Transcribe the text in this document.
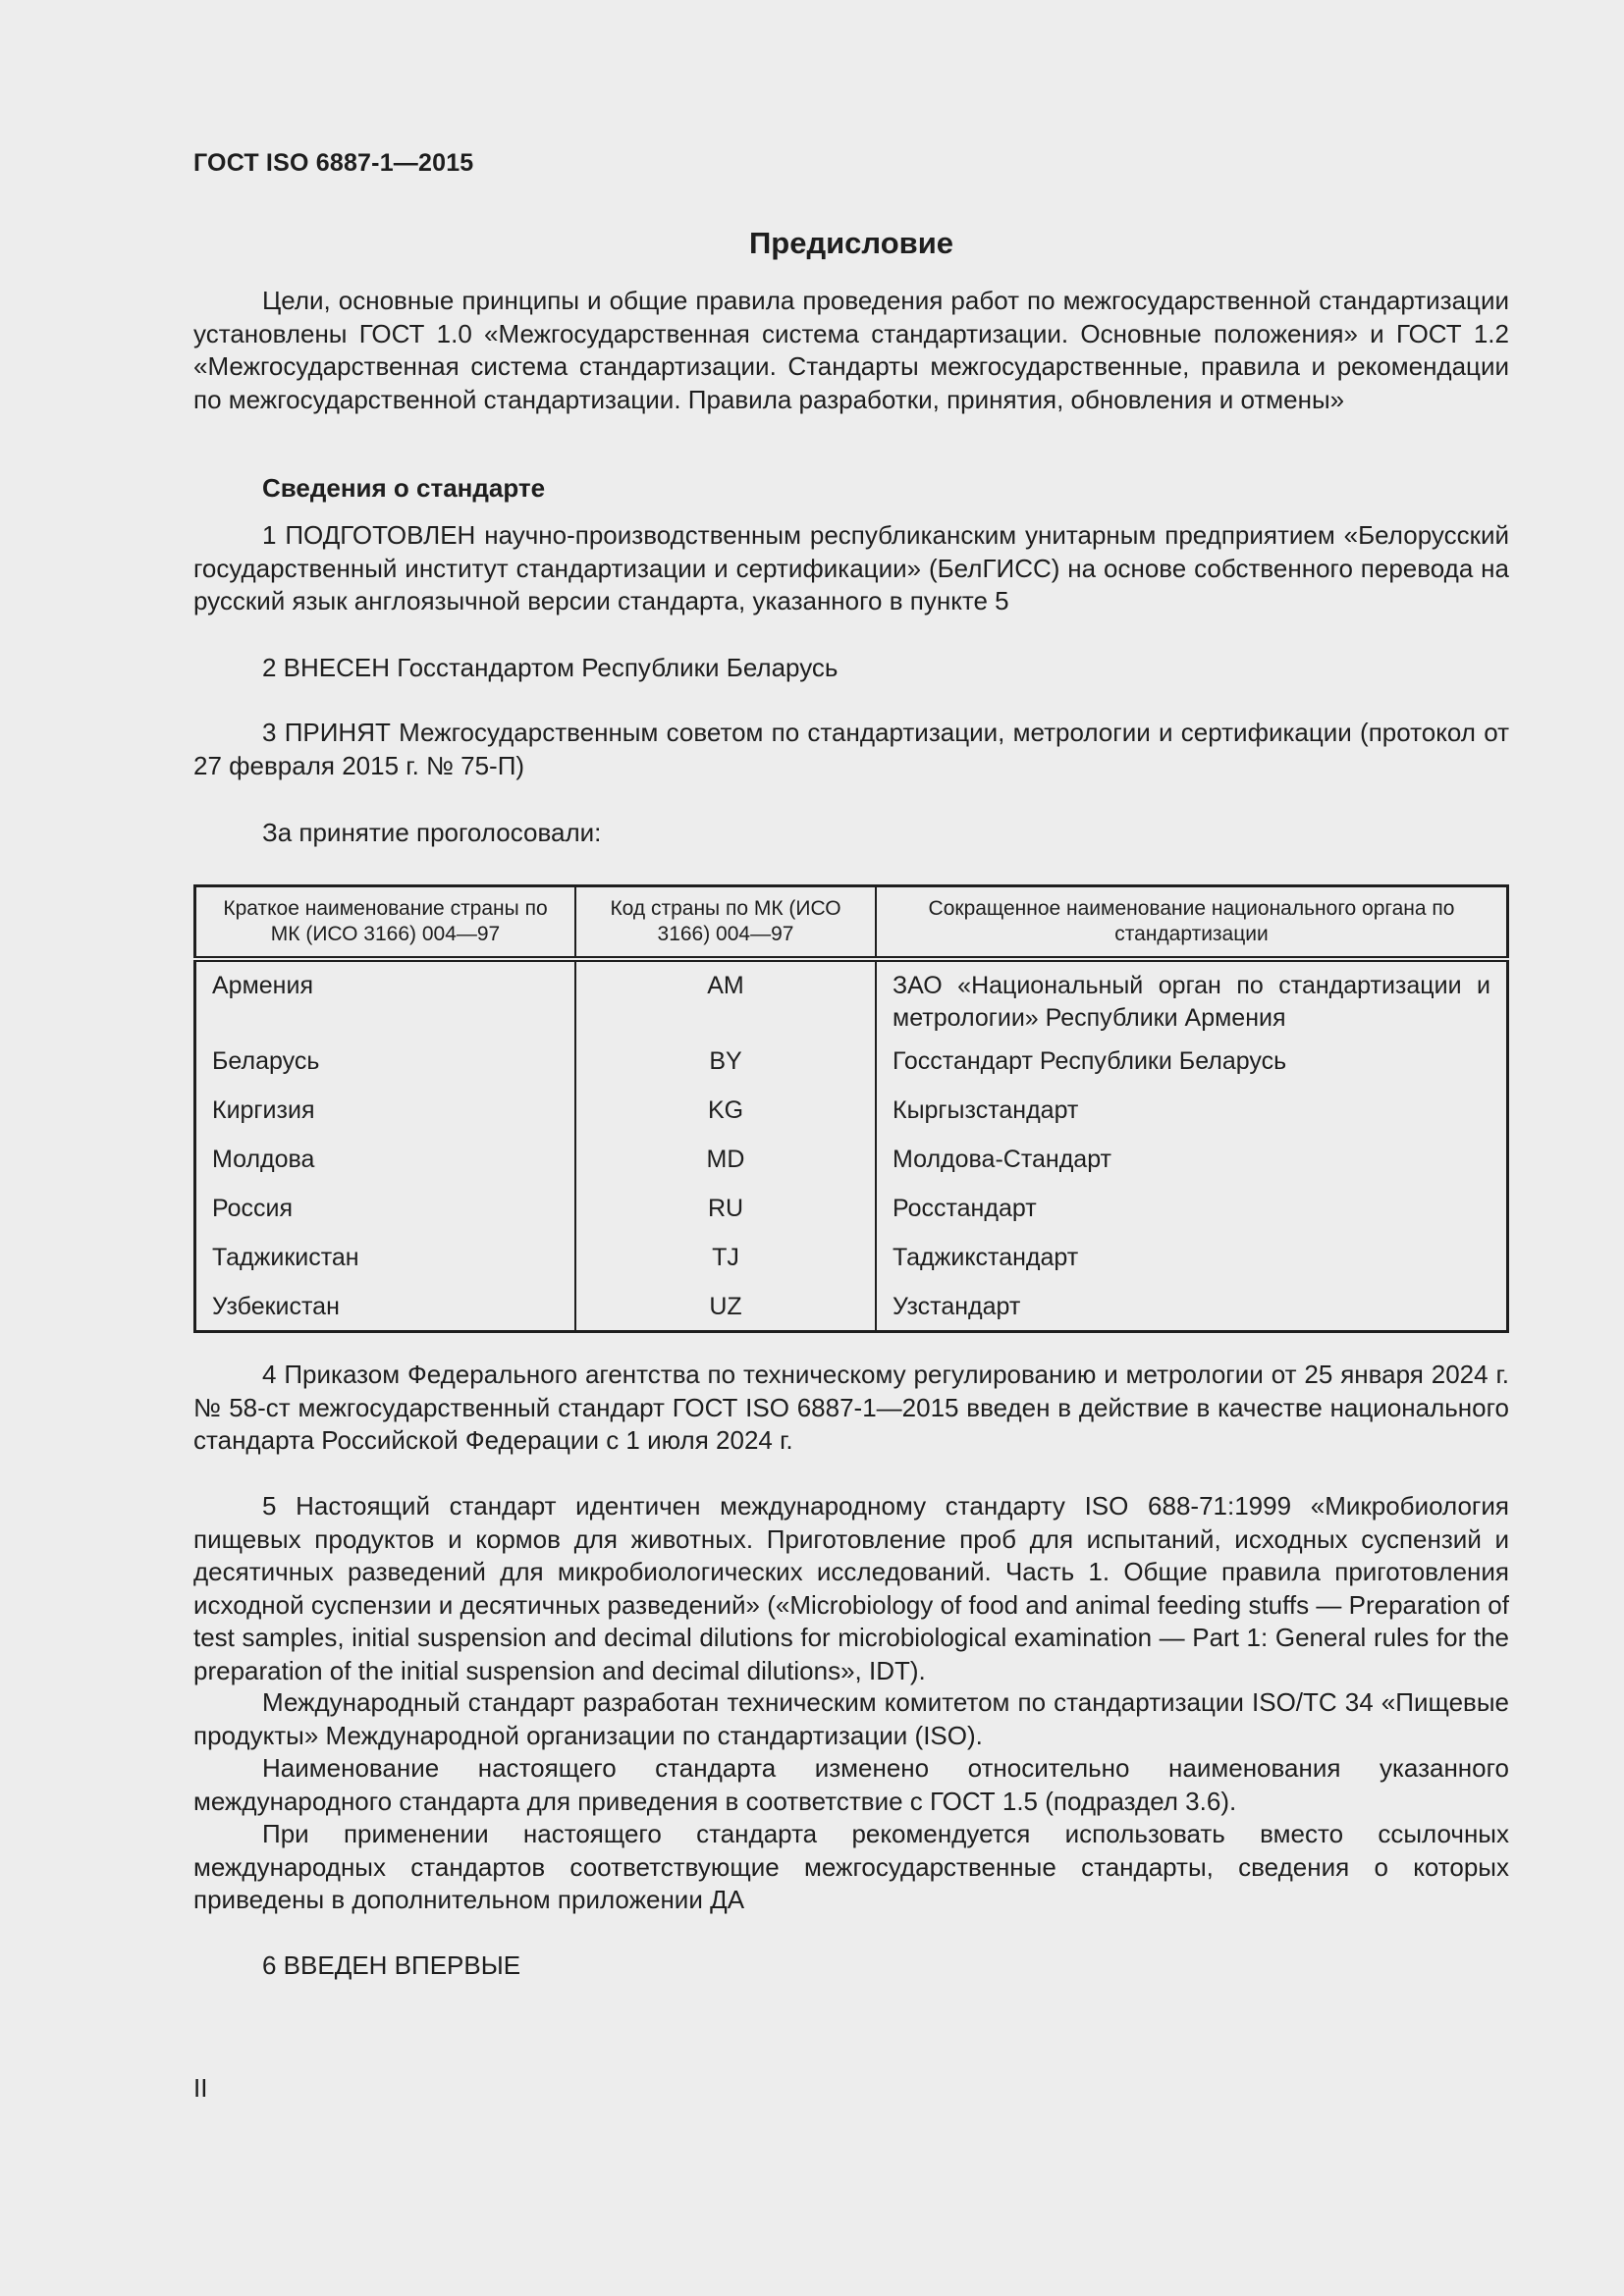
ГОСТ ISO 6887-1—2015
Предисловие

Цели, основные принципы и общие правила проведения работ по межгосударственной стандартизации установлены ГОСТ 1.0 «Межгосударственная система стандартизации. Основные положения» и ГОСТ 1.2 «Межгосударственная система стандартизации. Стандарты межгосударственные, правила и рекомендации по межгосударственной стандартизации. Правила разработки, принятия, обновления и отмены»

Сведения о стандарте

1 ПОДГОТОВЛЕН научно-производственным республиканским унитарным предприятием «Белорусский государственный институт стандартизации и сертификации» (БелГИСС) на основе собственного перевода на русский язык англоязычной версии стандарта, указанного в пункте 5

2 ВНЕСЕН Госстандартом Республики Беларусь

3 ПРИНЯТ Межгосударственным советом по стандартизации, метрологии и сертификации (протокол от 27 февраля 2015 г. № 75-П)

За принятие проголосовали:
Краткое наименование страны по МК (ИСО 3166) 004—97	Код страны по МК (ИСО 3166) 004—97	Сокращенное наименование национального органа по стандартизации
Армения	AM	ЗАО «Национальный орган по стандартизации и метрологии» Республики Армения
Беларусь	BY	Госстандарт Республики Беларусь
Киргизия	KG	Кыргызстандарт
Молдова	MD	Молдова-Стандарт
Россия	RU	Росстандарт
Таджикистан	TJ	Таджикстандарт
Узбекистан	UZ	Узстандарт

4 Приказом Федерального агентства по техническому регулированию и метрологии от 25 января 2024 г. № 58-ст межгосударственный стандарт ГОСТ ISO 6887-1—2015 введен в действие в качестве национального стандарта Российской Федерации с 1 июля 2024 г.

5 Настоящий стандарт идентичен международному стандарту ISO 688-71:1999 «Микробиология пищевых продуктов и кормов для животных. Приготовление проб для испытаний, исходных суспензий и десятичных разведений для микробиологических исследований. Часть 1. Общие правила приготовления исходной суспензии и десятичных разведений» («Microbiology of food and animal feeding stuffs — Preparation of test samples, initial suspension and decimal dilutions for microbiological examination — Part 1: General rules for the preparation of the initial suspension and decimal dilutions», IDT).

Международный стандарт разработан техническим комитетом по стандартизации ISO/TC 34 «Пищевые продукты» Международной организации по стандартизации (ISO).

Наименование настоящего стандарта изменено относительно наименования указанного международного стандарта для приведения в соответствие с ГОСТ 1.5 (подраздел 3.6).

При применении настоящего стандарта рекомендуется использовать вместо ссылочных международных стандартов соответствующие межгосударственные стандарты, сведения о которых приведены в дополнительном приложении ДА

6 ВВЕДЕН ВПЕРВЫЕ

II
